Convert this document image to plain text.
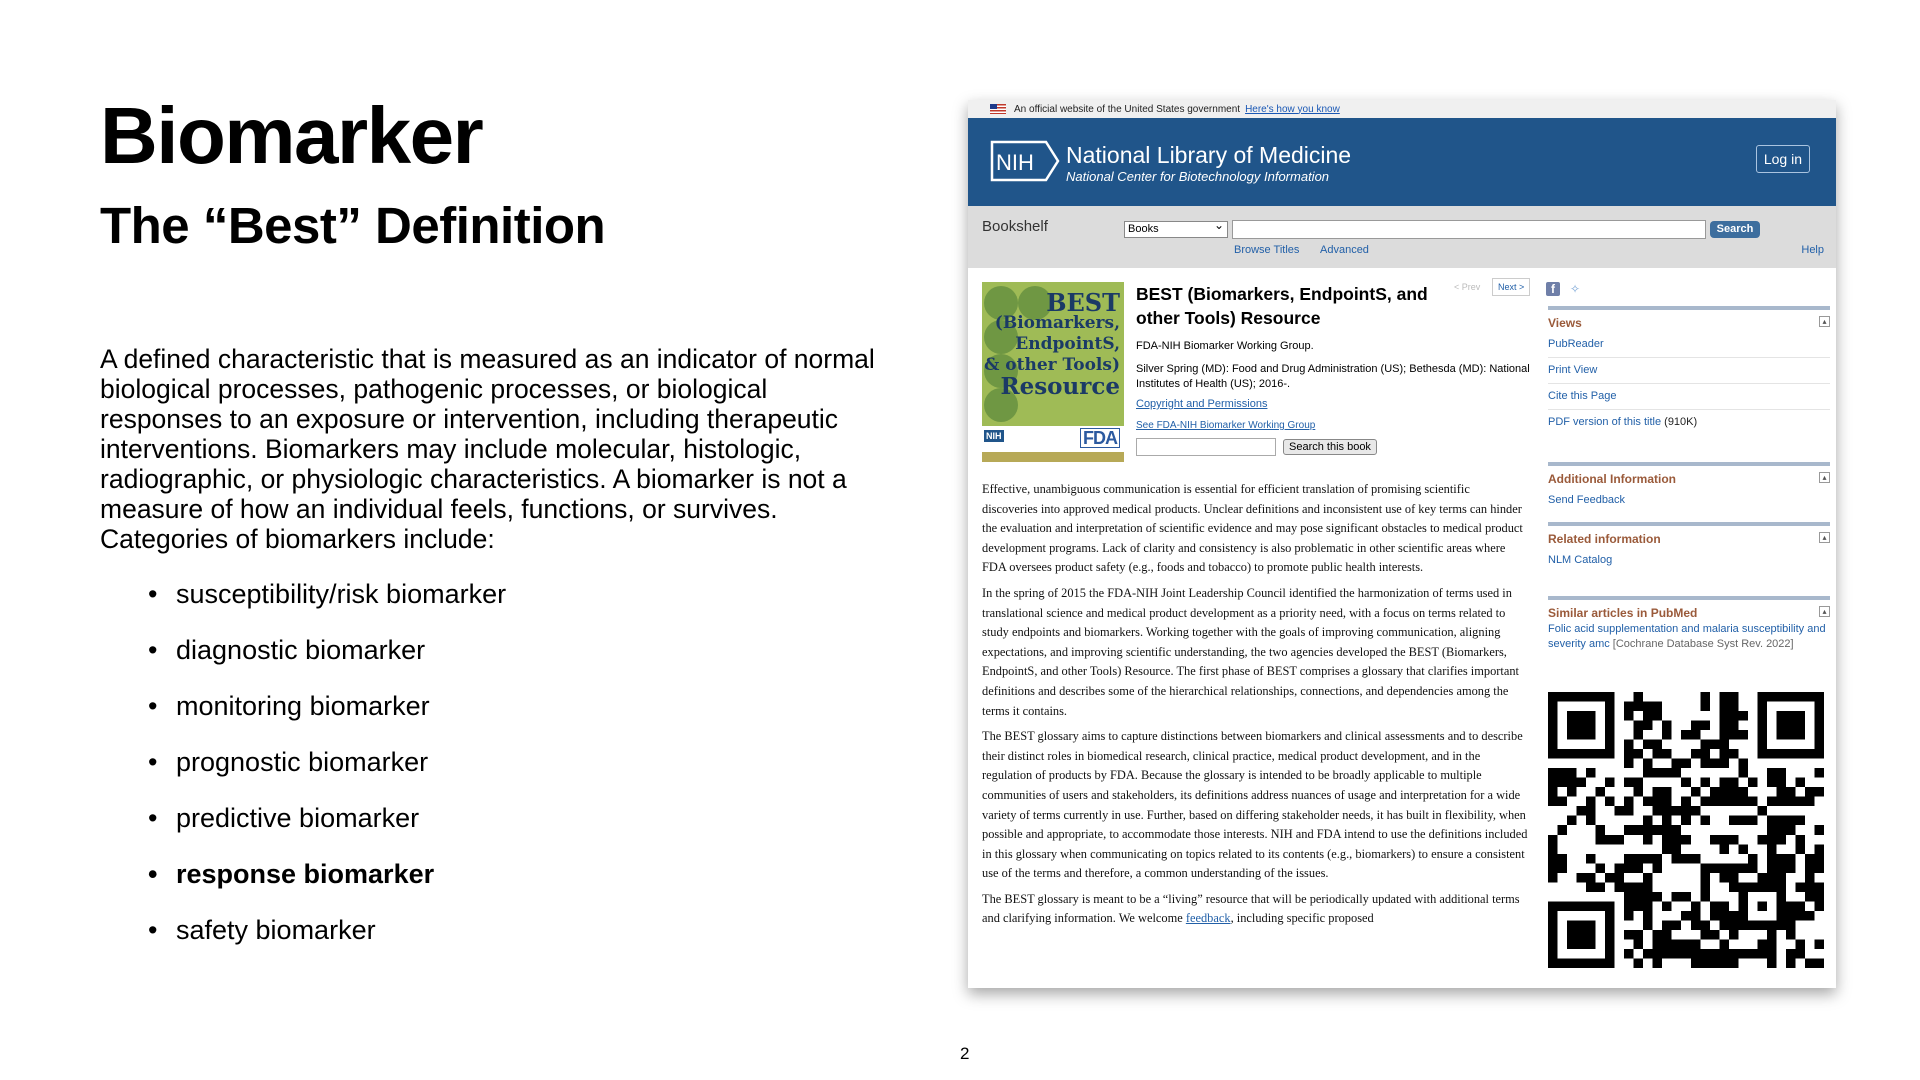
Biomarker
The “Best” Definition
A defined characteristic that is measured as an indicator of normal biological processes, pathogenic processes, or biological responses to an exposure or intervention, including therapeutic interventions. Biomarkers may include molecular, histologic, radiographic, or physiologic characteristics. A biomarker is not a measure of how an individual feels, functions, or survives. Categories of biomarkers include:
• susceptibility/risk biomarker
• diagnostic biomarker
• monitoring biomarker
• prognostic biomarker
• predictive biomarker
• response biomarker
• safety biomarker
2
An official website of the United States government Here's how you know
NIH National Library of Medicine
National Center for Biotechnology Information
Log in
Bookshelf	Books ⌄	Search
Browse Titles Advanced	Help
BEST
(Biomarkers,
EndpointS,
& other Tools)
Resource
NIH	FDA
BEST (Biomarkers, EndpointS, and other Tools) Resource
< Prev	Next >
FDA-NIH Biomarker Working Group.
Silver Spring (MD): Food and Drug Administration (US); Bethesda (MD): National Institutes of Health (US); 2016-.
Copyright and Permissions
See FDA-NIH Biomarker Working Group
Search this book

Effective, unambiguous communication is essential for efficient translation of promising scientific discoveries into approved medical products. Unclear definitions and inconsistent use of key terms can hinder the evaluation and interpretation of scientific evidence and may pose significant obstacles to medical product development programs. Lack of clarity and consistency is also problematic in other scientific areas where FDA oversees product safety (e.g., foods and tobacco) to promote public health interests.

In the spring of 2015 the FDA-NIH Joint Leadership Council identified the harmonization of terms used in translational science and medical product development as a priority need, with a focus on terms related to study endpoints and biomarkers. Working together with the goals of improving communication, aligning expectations, and improving scientific understanding, the two agencies developed the BEST (Biomarkers, EndpointS, and other Tools) Resource. The first phase of BEST comprises a glossary that clarifies important definitions and describes some of the hierarchical relationships, connections, and dependencies among the terms it contains.

The BEST glossary aims to capture distinctions between biomarkers and clinical assessments and to describe their distinct roles in biomedical research, clinical practice, medical product development, and in the regulation of products by FDA. Because the glossary is intended to be broadly applicable to multiple communities of users and stakeholders, its definitions address nuances of usage and interpretation for a wide variety of terms currently in use. Further, based on differing stakeholder needs, it has built in flexibility, when possible and appropriate, to accommodate those interests. NIH and FDA intend to use the definitions included in this glossary when communicating on topics related to its contents (e.g., biomarkers) to ensure a consistent use of the terms and therefore, a common understanding of the issues.

The BEST glossary is meant to be a “living” resource that will be periodically updated with additional terms and clarifying information. We welcome feedback, including specific proposed

f	✧
Views	▴
PubReader
Print View
Cite this Page
PDF version of this title (910K)
Additional Information	▴
Send Feedback
Related information	▴
NLM Catalog
Similar articles in PubMed	▴
Folic acid supplementation and malaria susceptibility and severity amc [Cochrane Database Syst Rev. 2022]
